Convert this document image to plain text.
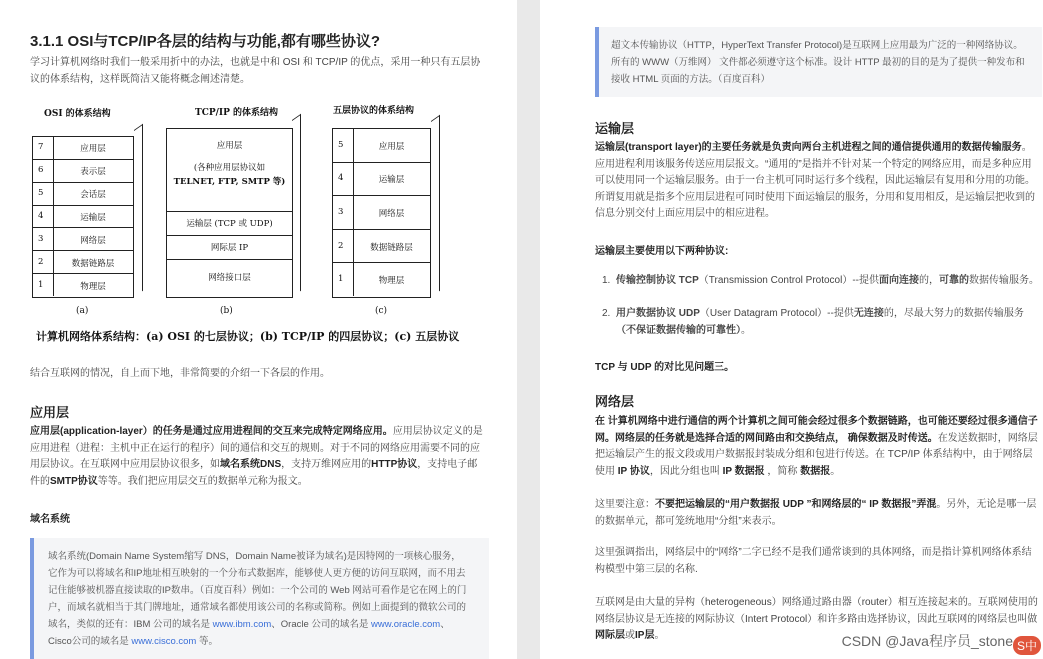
3.1.1 OSI与TCP/IP各层的结构与功能,都有哪些协议?
学习计算机网络时我们一般采用折中的办法，也就是中和 OSI 和 TCP/IP 的优点，采用一种只有五层协议的体系结构，这样既简洁又能将概念阐述清楚。
OSI 的体系结构	TCP/IP 的体系结构	五层协议的体系结构
7	应用层
6	表示层
5	会话层
4	运输层
3	网络层
2	数据链路层
1	物理层
应用层
(各种应用层协议如
TELNET, FTP, SMTP 等)
运输层 (TCP 或 UDP)
网际层 IP
网络接口层
5	应用层
4	运输层
3	网络层
2	数据链路层
1	物理层
(a)	(b)	(c)
计算机网络体系结构：(a) OSI 的七层协议；(b) TCP/IP 的四层协议；(c) 五层协议
结合互联网的情况，自上而下地，非常简要的介绍一下各层的作用。
应用层
应用层(application-layer）的任务是通过应用进程间的交互来完成特定网络应用。应用层协议定义的是应用进程（进程：主机中正在运行的程序）间的通信和交互的规则。对于不同的网络应用需要不同的应用层协议。在互联网中应用层协议很多，如域名系统DNS，支持万维网应用的HTTP协议，支持电子邮件的SMTP协议等等。我们把应用层交互的数据单元称为报文。
域名系统
域名系统(Domain Name System缩写 DNS，Domain Name被译为域名)是因特网的一项核心服务，它作为可以将域名和IP地址相互映射的一个分布式数据库，能够使人更方便的访问互联网，而不用去记住能够被机器直接读取的IP数串。（百度百科）例如：一个公司的 Web 网站可看作是它在网上的门户，而域名就相当于其门牌地址，通常域名都使用该公司的名称或简称。例如上面提到的微软公司的域名，类似的还有：IBM 公司的域名是 www.ibm.com、Oracle 公司的域名是 www.oracle.com、Cisco公司的域名是 www.cisco.com 等。
超文本传输协议（HTTP，HyperText Transfer Protocol)是互联网上应用最为广泛的一种网络协议。所有的 WWW（万维网） 文件都必须遵守这个标准。设计 HTTP 最初的目的是为了提供一种发布和接收 HTML 页面的方法。（百度百科）
运输层
运输层(transport layer)的主要任务就是负责向两台主机进程之间的通信提供通用的数据传输服务。应用进程利用该服务传送应用层报文。“通用的”是指并不针对某一个特定的网络应用，而是多种应用可以使用同一个运输层服务。由于一台主机可同时运行多个线程，因此运输层有复用和分用的功能。所谓复用就是指多个应用层进程可同时使用下面运输层的服务，分用和复用相反，是运输层把收到的信息分别交付上面应用层中的相应进程。
运输层主要使用以下两种协议:
1. 传输控制协议 TCP（Transmission Control Protocol）--提供面向连接的，可靠的数据传输服务。
2. 用户数据协议 UDP（User Datagram Protocol）--提供无连接的，尽最大努力的数据传输服务（不保证数据传输的可靠性）。
TCP 与 UDP 的对比见问题三。
网络层
在 计算机网络中进行通信的两个计算机之间可能会经过很多个数据链路，也可能还要经过很多通信子网。网络层的任务就是选择合适的网间路由和交换结点， 确保数据及时传送。在发送数据时，网络层把运输层产生的报文段或用户数据报封装成分组和包进行传送。在 TCP/IP 体系结构中，由于网络层使用 IP 协议，因此分组也叫 IP 数据报 ，简称 数据报。
这里要注意：不要把运输层的“用户数据报 UDP ”和网络层的“ IP 数据报”弄混。另外，无论是哪一层的数据单元，都可笼统地用“分组”来表示。
这里强调指出，网络层中的“网络”二字已经不是我们通常谈到的具体网络，而是指计算机网络体系结构模型中第三层的名称.
互联网是由大量的异构（heterogeneous）网络通过路由器（router）相互连接起来的。互联网使用的网络层协议是无连接的网际协议（Intert Protocol）和许多路由选择协议，因此互联网的网络层也叫做网际层或IP层。	CSDN @Java程序员_stone S中
